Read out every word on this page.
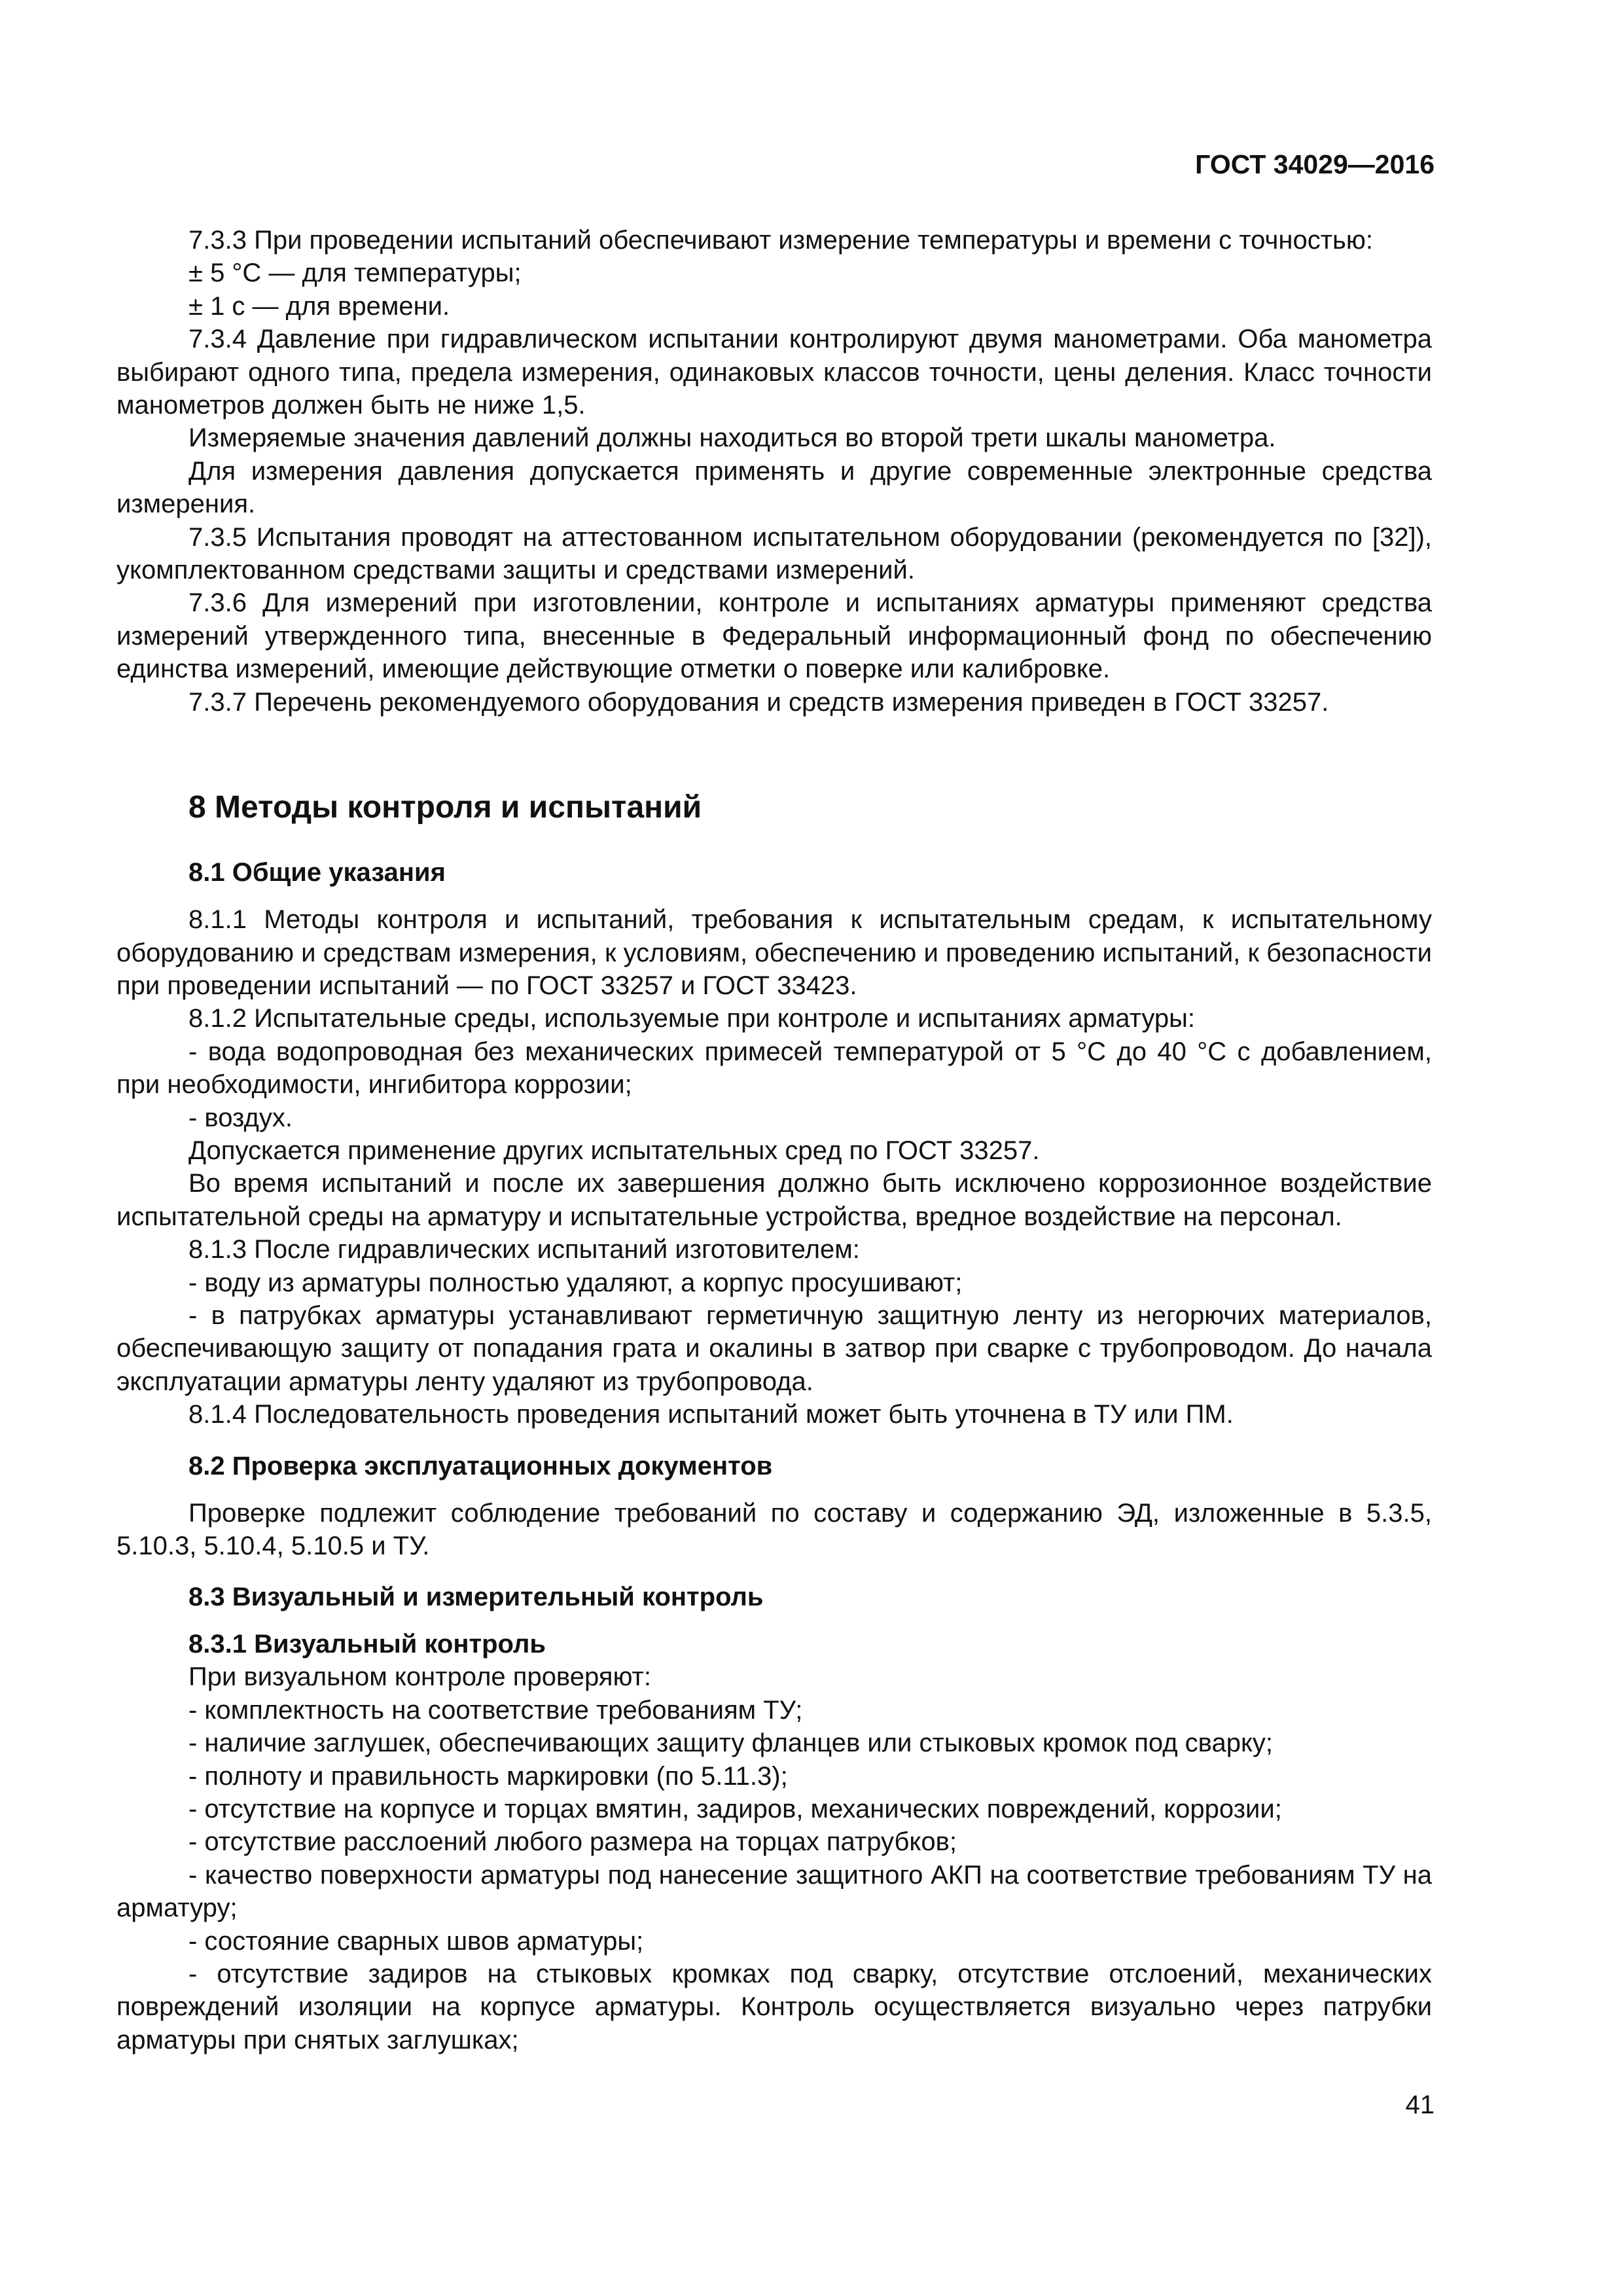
ГОСТ 34029—2016

7.3.3 При проведении испытаний обеспечивают измерение температуры и времени с точностью:

± 5 °С — для температуры;

± 1 с — для времени.

7.3.4 Давление при гидравлическом испытании контролируют двумя манометрами. Оба манометра выбирают одного типа, предела измерения, одинаковых классов точности, цены деления. Класс точности манометров должен быть не ниже 1,5.

Измеряемые значения давлений должны находиться во второй трети шкалы манометра.

Для измерения давления допускается применять и другие современные электронные средства измерения.

7.3.5 Испытания проводят на аттестованном испытательном оборудовании (рекомендуется по [32]), укомплектованном средствами защиты и средствами измерений.

7.3.6 Для измерений при изготовлении, контроле и испытаниях арматуры применяют средства измерений утвержденного типа, внесенные в Федеральный информационный фонд по обеспечению единства измерений, имеющие действующие отметки о поверке или калибровке.

7.3.7 Перечень рекомендуемого оборудования и средств измерения приведен в ГОСТ 33257.

8 Методы контроля и испытаний
8.1 Общие указания

8.1.1 Методы контроля и испытаний, требования к испытательным средам, к испытательному оборудованию и средствам измерения, к условиям, обеспечению и проведению испытаний, к безопасности при проведении испытаний — по ГОСТ 33257 и ГОСТ 33423.

8.1.2 Испытательные среды, используемые при контроле и испытаниях арматуры:

- вода водопроводная без механических примесей температурой от 5 °С до 40 °С с добавлением, при необходимости, ингибитора коррозии;

- воздух.

Допускается применение других испытательных сред по ГОСТ 33257.

Во время испытаний и после их завершения должно быть исключено коррозионное воздействие испытательной среды на арматуру и испытательные устройства, вредное воздействие на персонал.

8.1.3 После гидравлических испытаний изготовителем:

- воду из арматуры полностью удаляют, а корпус просушивают;

- в патрубках арматуры устанавливают герметичную защитную ленту из негорючих материалов, обеспечивающую защиту от попадания грата и окалины в затвор при сварке с трубопроводом. До начала эксплуатации арматуры ленту удаляют из трубопровода.

8.1.4 Последовательность проведения испытаний может быть уточнена в ТУ или ПМ.

8.2 Проверка эксплуатационных документов

Проверке подлежит соблюдение требований по составу и содержанию ЭД, изложенные в 5.3.5, 5.10.3, 5.10.4, 5.10.5 и ТУ.

8.3 Визуальный и измерительный контроль
8.3.1 Визуальный контроль

При визуальном контроле проверяют:

- комплектность на соответствие требованиям ТУ;

- наличие заглушек, обеспечивающих защиту фланцев или стыковых кромок под сварку;

- полноту и правильность маркировки (по 5.11.3);

- отсутствие на корпусе и торцах вмятин, задиров, механических повреждений, коррозии;

- отсутствие расслоений любого размера на торцах патрубков;

- качество поверхности арматуры под нанесение защитного АКП на соответствие требованиям ТУ на арматуру;

- состояние сварных швов арматуры;

- отсутствие задиров на стыковых кромках под сварку, отсутствие отслоений, механических повреждений изоляции на корпусе арматуры. Контроль осуществляется визуально через патрубки арматуры при снятых заглушках;

41
